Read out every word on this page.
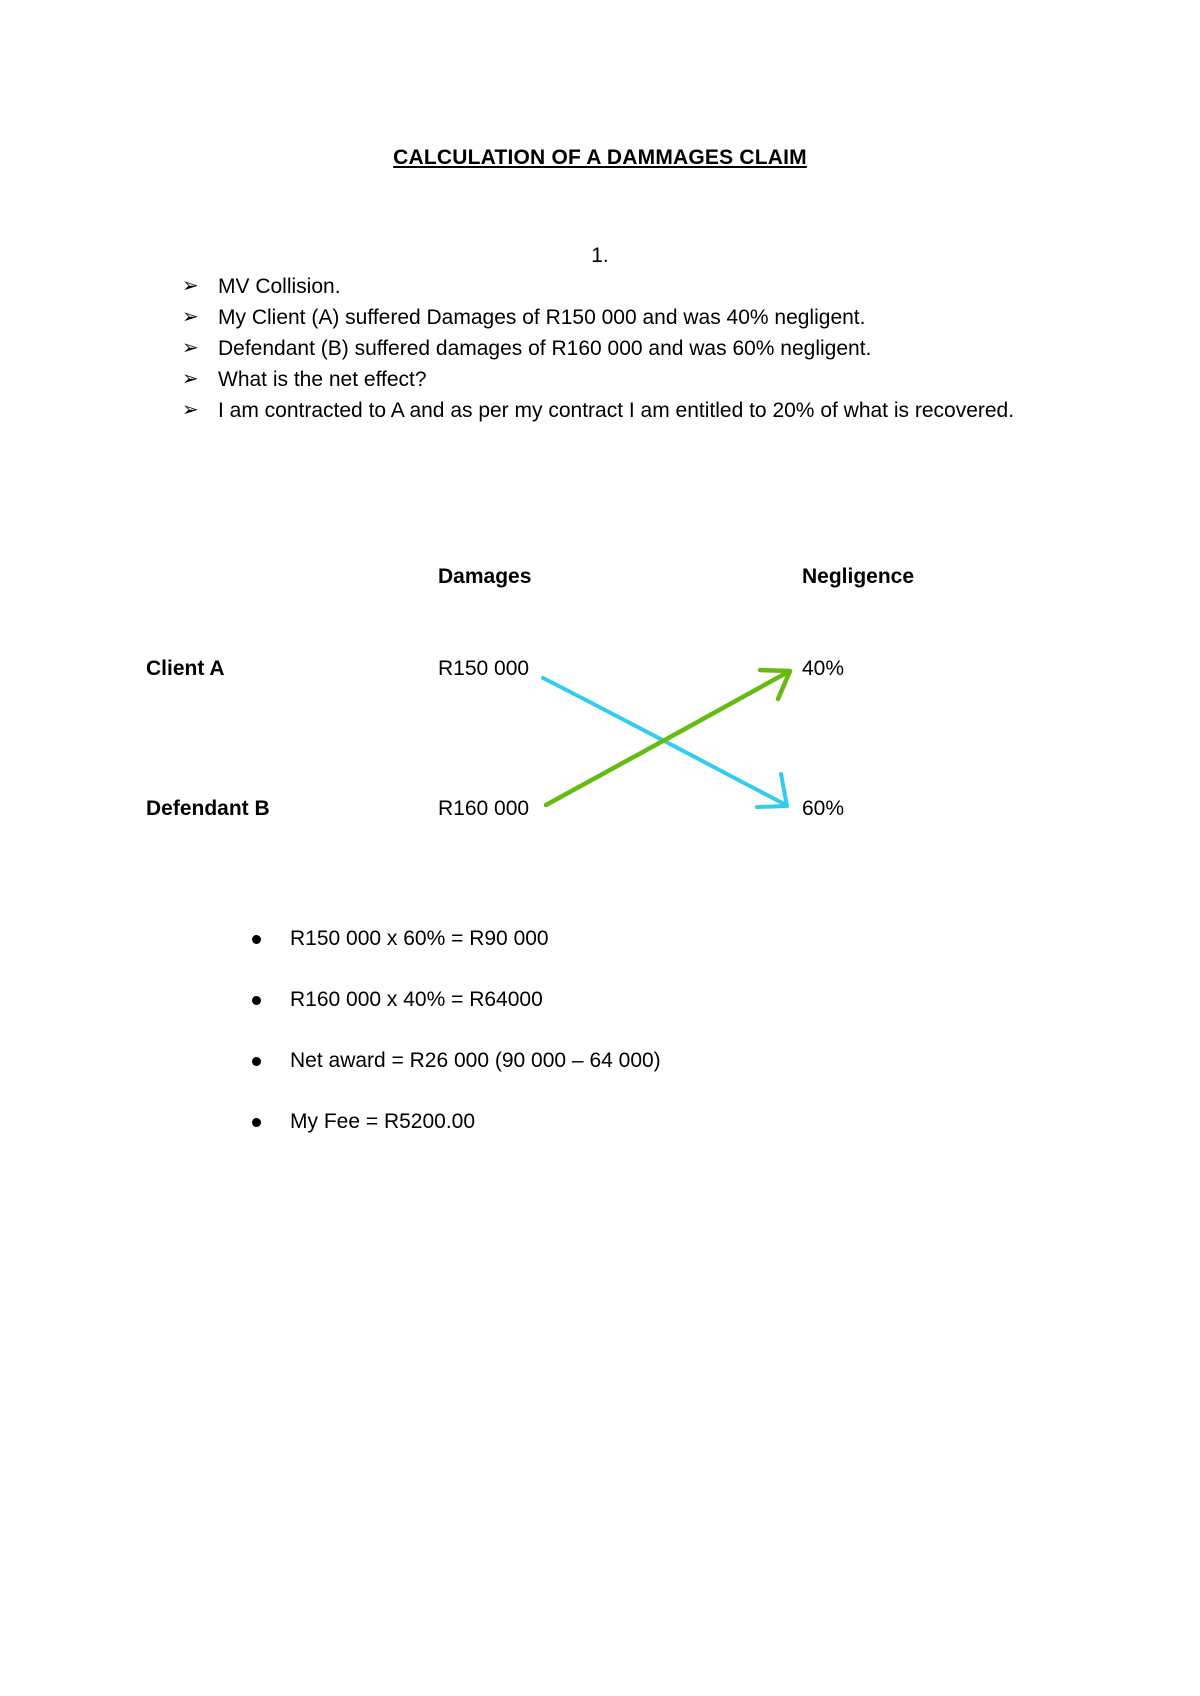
CALCULATION OF A DAMMAGES CLAIM
1.
➢ MV Collision.
➢ My Client (A) suffered Damages of R150 000 and was 40% negligent.
➢ Defendant (B) suffered damages of R160 000 and was 60% negligent.
➢ What is the net effect?
➢ I am contracted to A and as per my contract I am entitled to 20% of what is recovered.
Damages	Negligence
Client A	R150 000	40%
Defendant B	R160 000	60%
R150 000 x 60% = R90 000
R160 000 x 40% = R64000
Net award = R26 000 (90 000 – 64 000)
My Fee = R5200.00
